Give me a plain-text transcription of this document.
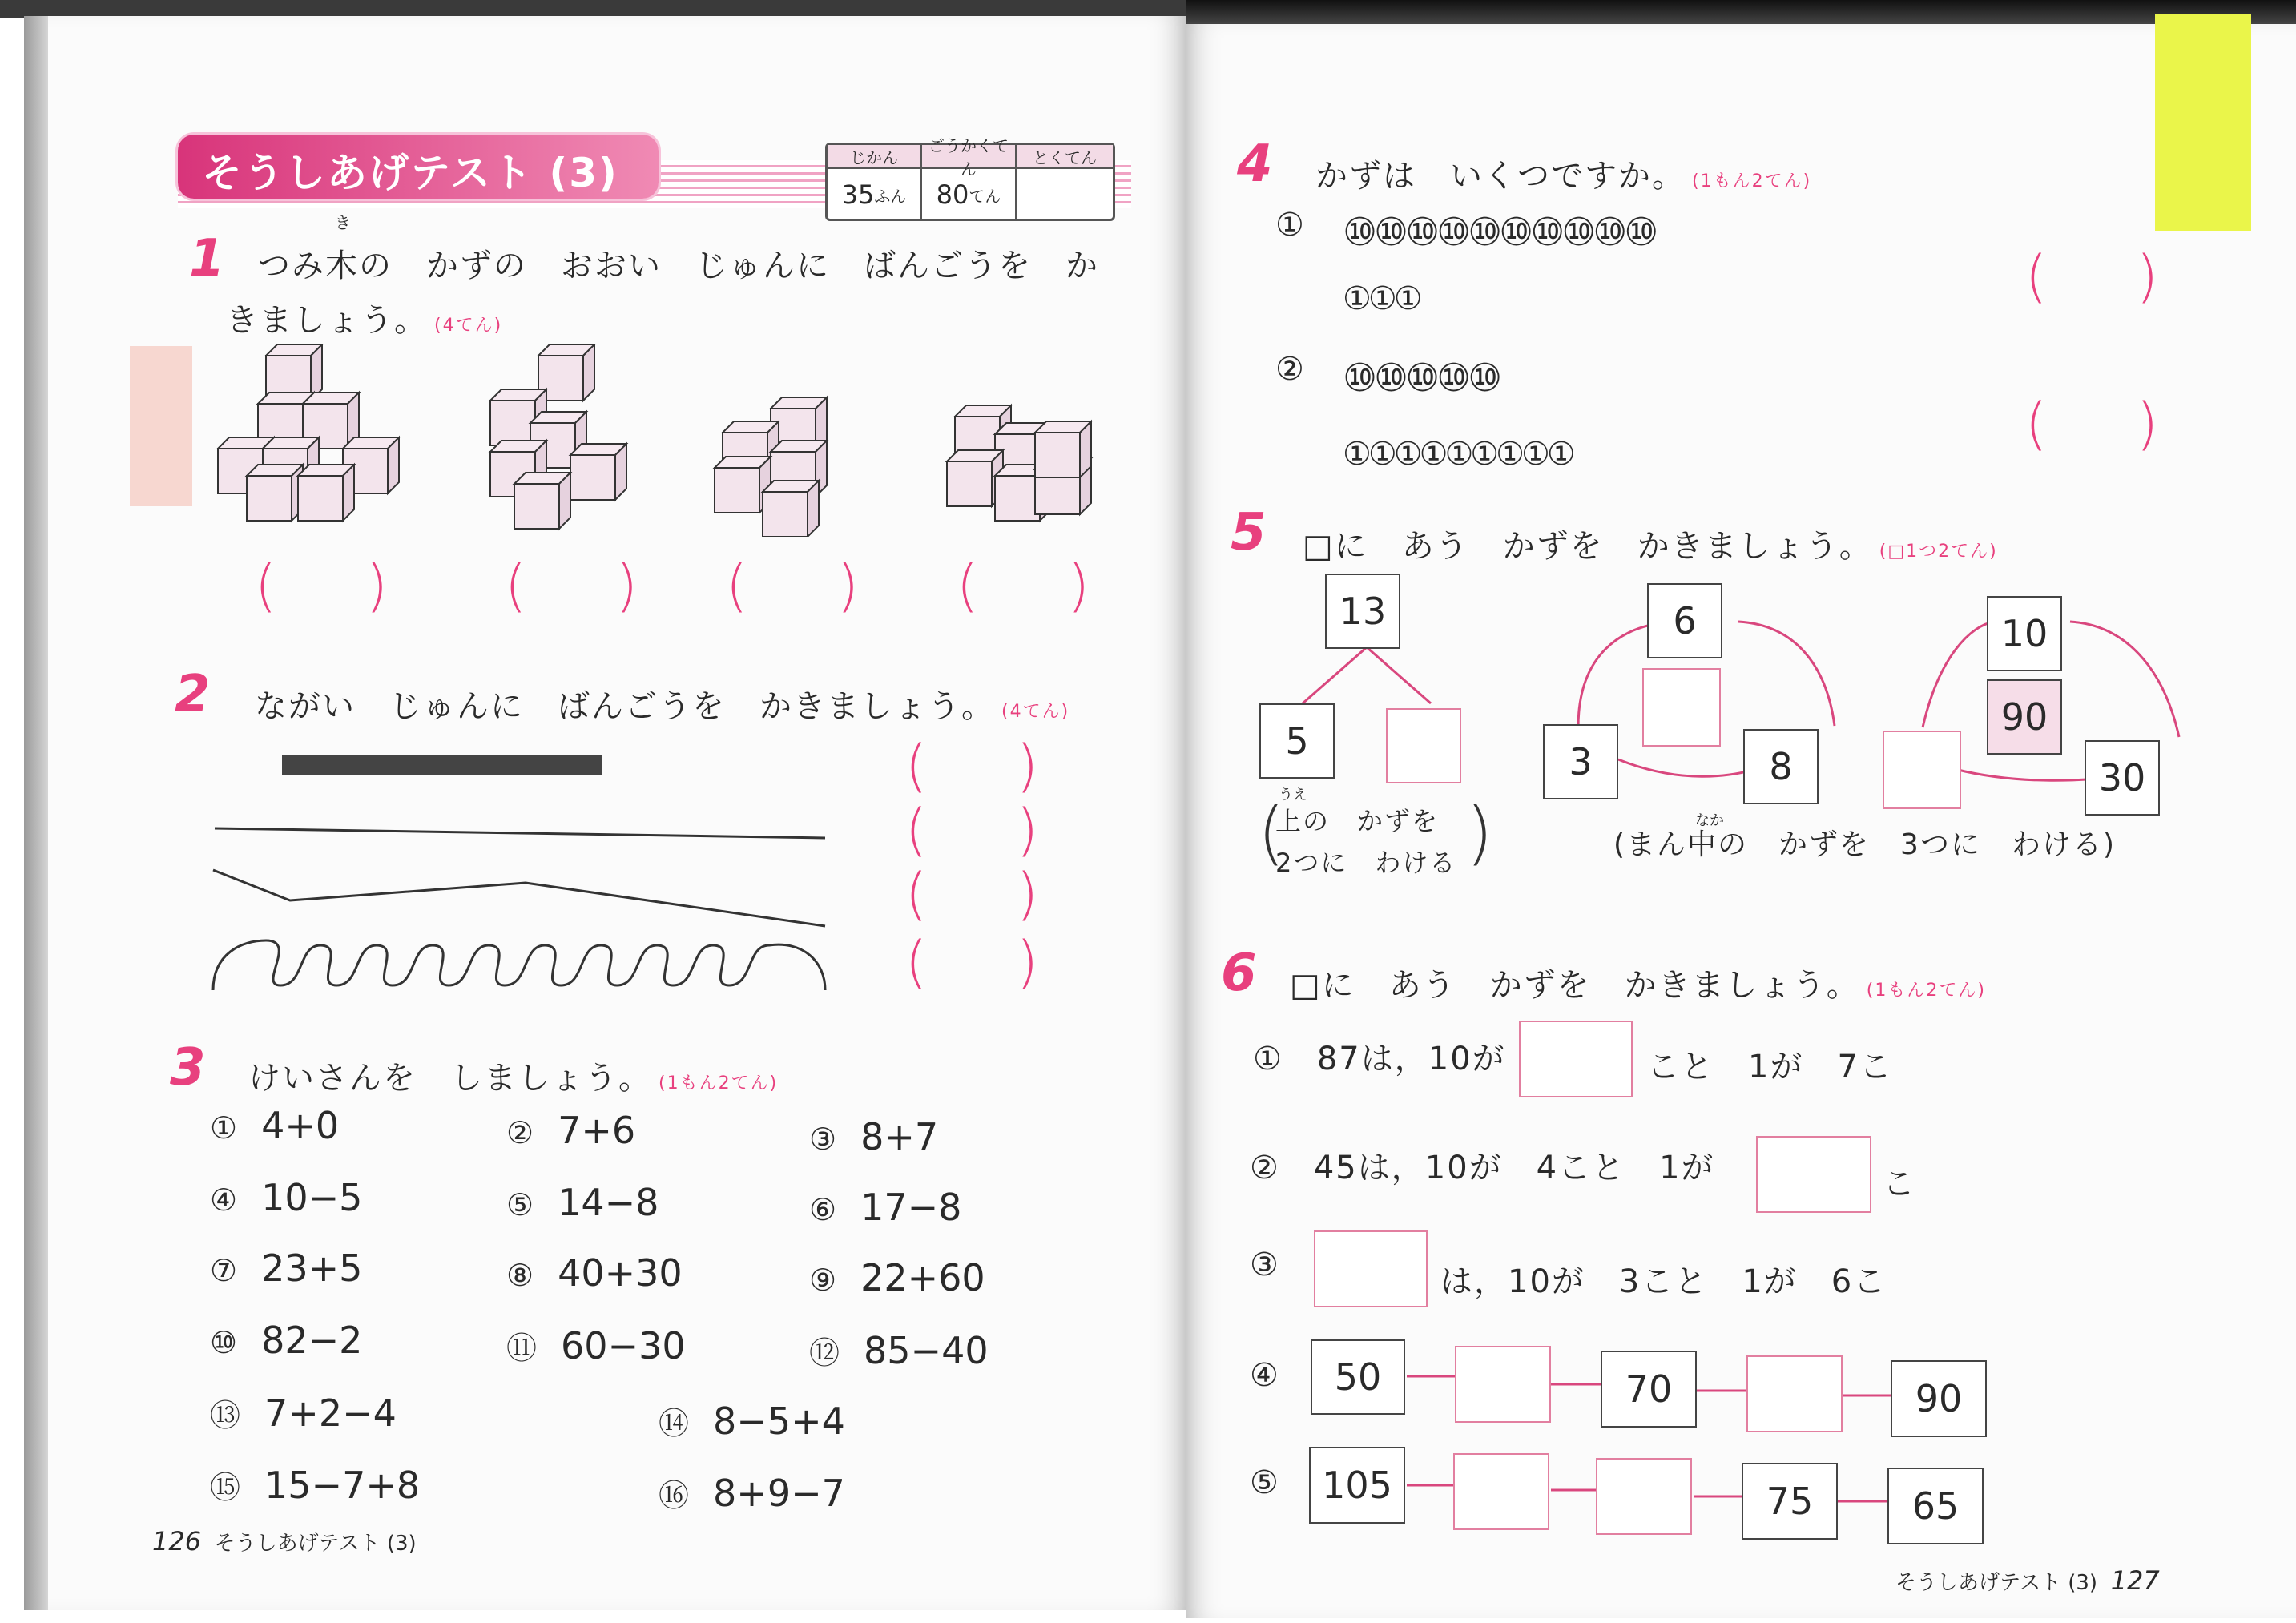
そうしあげテスト (3)	じかん
ごうかくてん
とくてん
35 ふん 80 てん
1
き
つみ木の　かずの　おおい　じゅんに　ばんごうを　か
きましょう。 (4てん)
(     ) (     ) (     ) (     )
2 ながい　じゅんに　ばんごうを　かきましょう。 (4てん)
(     )
(     )
(     )
(     )
3 けいさんを　しましょう。 (1もん2てん)
① 4+0	② 7+6	③ 8+7
④ 10−5	⑤ 14−8	⑥ 17−8
⑦ 23+5	⑧ 40+30	⑨ 22+60
⑩ 82−2	⑪ 60−30	⑫ 85−40
⑬ 7+2−4	⑭ 8−5+4
⑮ 15−7+8	⑯ 8+9−7
126 そうしあげテスト (3)
4 かずは　いくつですか。 (1もん2てん)
① ⑩⑩⑩⑩⑩⑩⑩⑩⑩⑩
①①①	(     )
② ⑩⑩⑩⑩⑩
①①①①①①①①①	(     )
5 □に　あう　かずを　かきましょう。 (□1つ2てん)
13
5
うえ
(	)
上の　かずを
2つに　わける
6
3	8
なか
(まん中の　かずを　3つに　わける)
10
90
30
6 □に　あう　かずを　かきましょう。 (1もん2てん)
①　87は，10が	こと　1が　7こ
②　45は，10が　4こと　1が	こ
③	は，10が　3こと　1が　6こ
④	50	70	90
⑤	105	75	65
そうしあげテスト (3) 127
